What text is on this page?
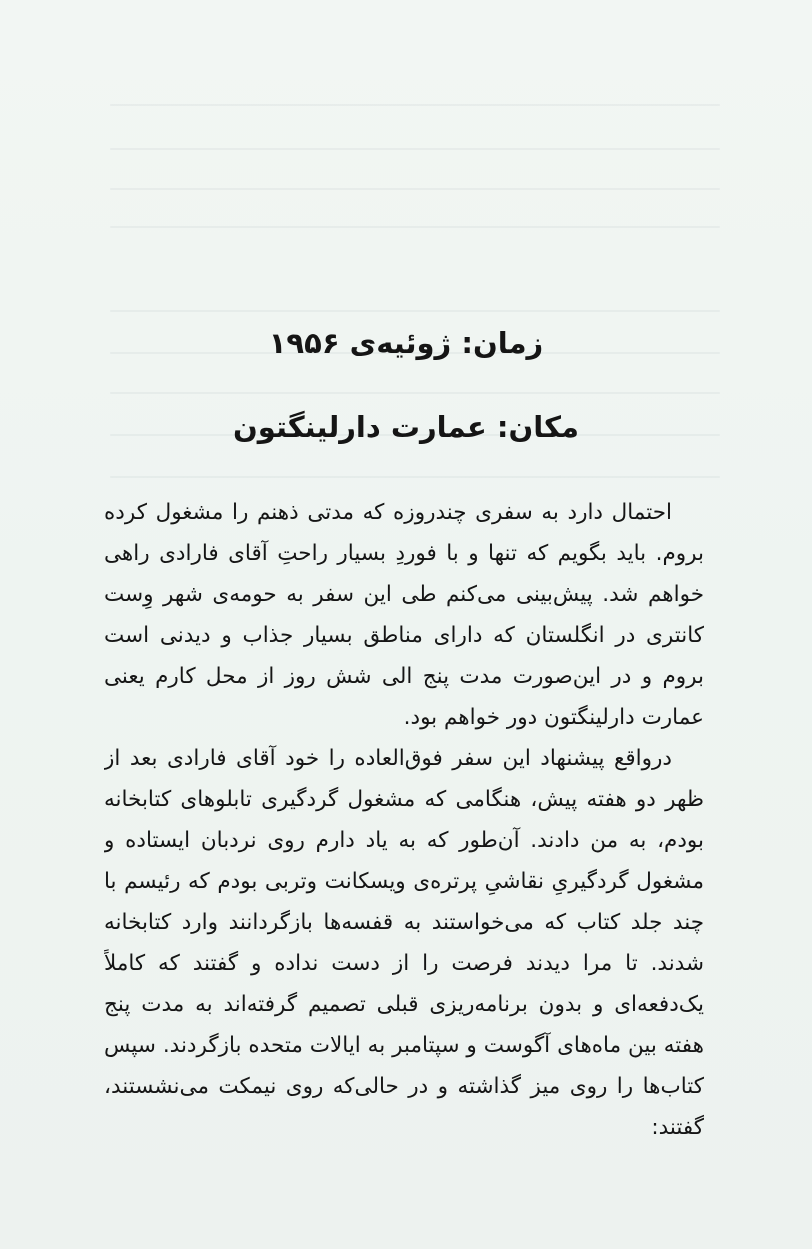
زمان: ژوئیه‌ی ۱۹۵۶
مکان: عمارت دارلینگتون
احتمال دارد به سفری چندروزه که مدتی ذهنم را مشغول کرده
بروم. باید بگویم که تنها و با فوردِ بسیار راحتِ آقای فارادی راهی
خواهم شد. پیش‌بینی می‌کنم طی این سفر به حومه‌ی شهر وِست
کانتری در انگلستان که دارای مناطق بسیار جذاب و دیدنی است
بروم و در این‌صورت مدت پنج الی شش روز از محل کارم یعنی
عمارت دارلینگتون دور خواهم بود.
درواقع پیشنهاد این سفر فوق‌العاده را خود آقای فارادی بعد از
ظهر دو هفته پیش، هنگامی که مشغول گردگیری تابلوهای کتابخانه
بودم، به من دادند. آن‌طور که به یاد دارم روی نردبان ایستاده و
مشغول گردگیریِ نقاشیِ پرتره‌ی ویسکانت وتربی بودم که رئیسم با
چند جلد کتاب که می‌خواستند به قفسه‌ها بازگردانند وارد کتابخانه
شدند. تا مرا دیدند فرصت را از دست نداده و گفتند که کاملاً
یک‌دفعه‌ای و بدون برنامه‌ریزی قبلی تصمیم گرفته‌اند به مدت پنج
هفته بین ماه‌های آگوست و سپتامبر به ایالات متحده بازگردند. سپس
کتاب‌ها را روی میز گذاشته و در حالی‌که روی نیمکت می‌نشستند،
گفتند:
